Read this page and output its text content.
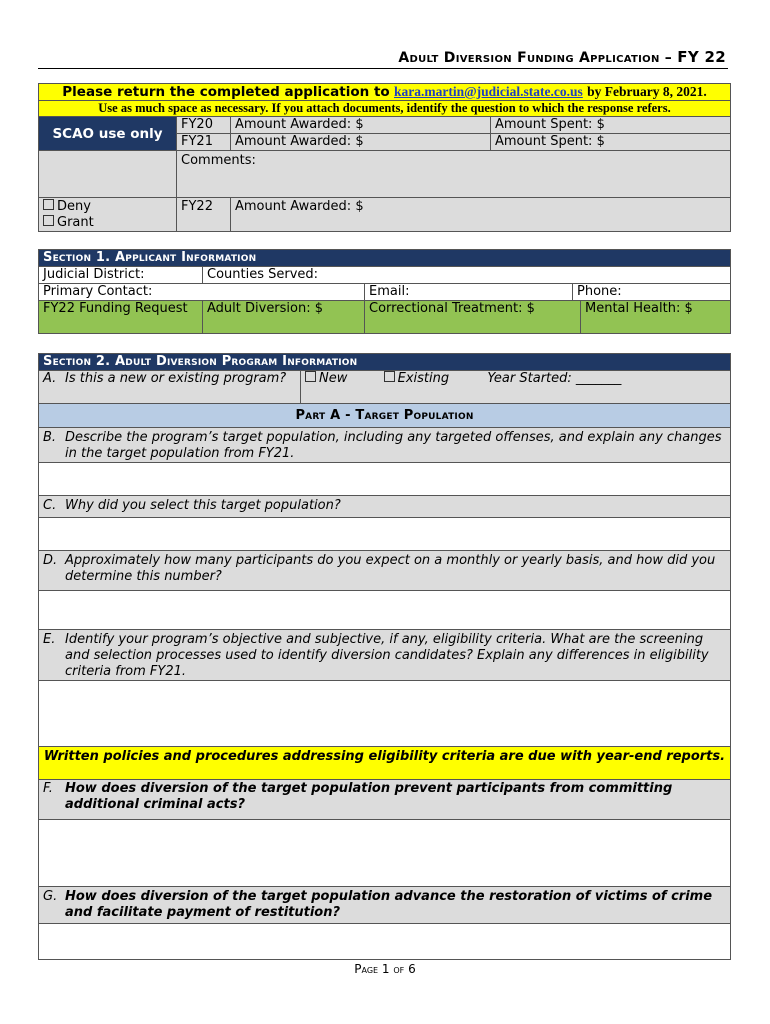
Adult Diversion Funding Application – FY 22
Please return the completed application to kara.martin@judicial.state.co.us by February 8, 2021.			
Use as much space as necessary. If you attach documents, identify the question to which the response refers.			
SCAO use only	FY20	Amount Awarded: $	Amount Spent: $
	FY21	Amount Awarded: $	Amount Spent: $
	Comments:		

Deny
Grant	FY22	Amount Awarded: $	
Section 1. Applicant Information				
Judicial District:	Counties Served:			
Primary Contact:		Email:	Phone:	
FY22 Funding Request	Adult Diversion: $	Correctional Treatment: $		Mental Health: $
Section 2. Adult Diversion Program Information

A. Is this a new or existing program?	New	Existing	Year Started: _______
Part A - Target Population

B. Describe the program’s target population, including any targeted offenses, and explain any changes in the target population from FY21.

C. Why did you select this target population?

D. Approximately how many participants do you expect on a monthly or yearly basis, and how did you determine this number?

E. Identify your program’s objective and subjective, if any, eligibility criteria. What are the screening and selection processes used to identify diversion candidates? Explain any differences in eligibility criteria from FY21.

Written policies and procedures addressing eligibility criteria are due with year-end reports.

F. How does diversion of the target population prevent participants from committing additional criminal acts?

G. How does diversion of the target population advance the restoration of victims of crime and facilitate payment of restitution?

Page 1 of 6
